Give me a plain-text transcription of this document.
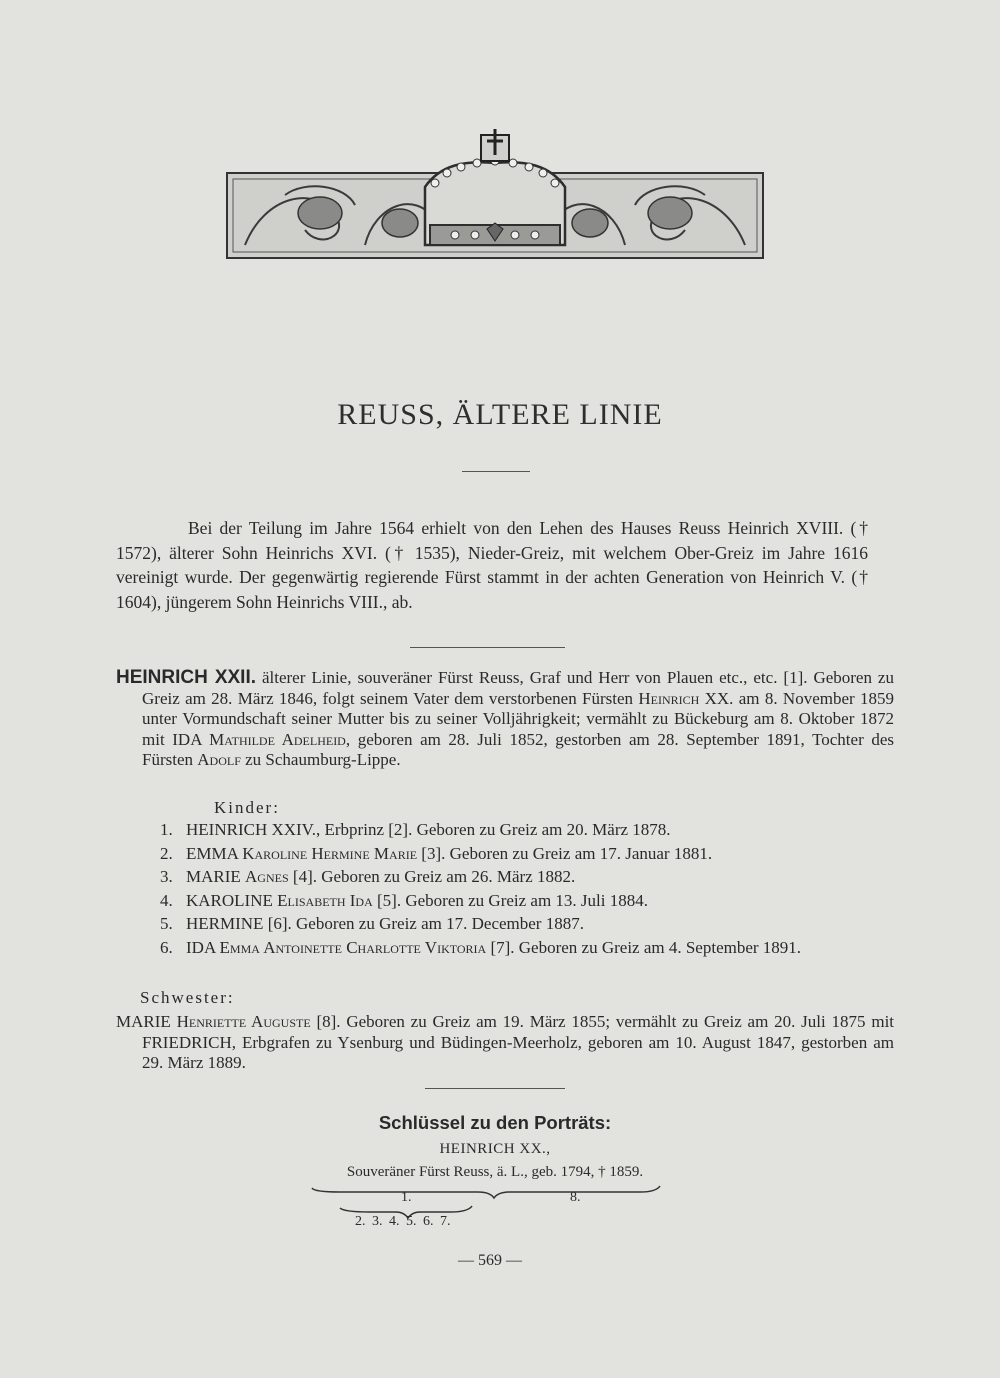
REUSS, ÄLTERE LINIE

Bei der Teilung im Jahre 1564 erhielt von den Lehen des Hauses Reuss Heinrich XVIII. († 1572), älterer Sohn Heinrichs XVI. († 1535), Nieder-Greiz, mit welchem Ober-Greiz im Jahre 1616 vereinigt wurde. Der gegenwärtig regierende Fürst stammt in der achten Generation von Heinrich V. († 1604), jüngerem Sohn Heinrichs VIII., ab.

HEINRICH XXII. älterer Linie, souveräner Fürst Reuss, Graf und Herr von Plauen etc., etc. [1]. Geboren zu Greiz am 28. März 1846, folgt seinem Vater dem verstorbenen Fürsten Heinrich XX. am 8. November 1859 unter Vormundschaft seiner Mutter bis zu seiner Volljährigkeit; vermählt zu Bückeburg am 8. Oktober 1872 mit IDA Mathilde Adelheid, geboren am 28. Juli 1852, gestorben am 28. September 1891, Tochter des Fürsten Adolf zu Schaumburg-Lippe.

Kinder:
1. HEINRICH XXIV., Erbprinz [2]. Geboren zu Greiz am 20. März 1878.
2. EMMA Karoline Hermine Marie [3]. Geboren zu Greiz am 17. Januar 1881.
3. MARIE Agnes [4]. Geboren zu Greiz am 26. März 1882.
4. KAROLINE Elisabeth Ida [5]. Geboren zu Greiz am 13. Juli 1884.
5. HERMINE [6]. Geboren zu Greiz am 17. December 1887.
6. IDA Emma Antoinette Charlotte Viktoria [7]. Geboren zu Greiz am 4. September 1891.
Schwester:

MARIE Henriette Auguste [8]. Geboren zu Greiz am 19. März 1855; vermählt zu Greiz am 20. Juli 1875 mit FRIEDRICH, Erbgrafen zu Ysenburg und Büdingen-Meerholz, geboren am 10. August 1847, gestorben am 29. März 1889.

Schlüssel zu den Porträts:
HEINRICH XX.,
Souveräner Fürst Reuss, ä. L., geb. 1794, † 1859.
1.	8.
2. 3. 4. 5. 6. 7.
— 569 —
